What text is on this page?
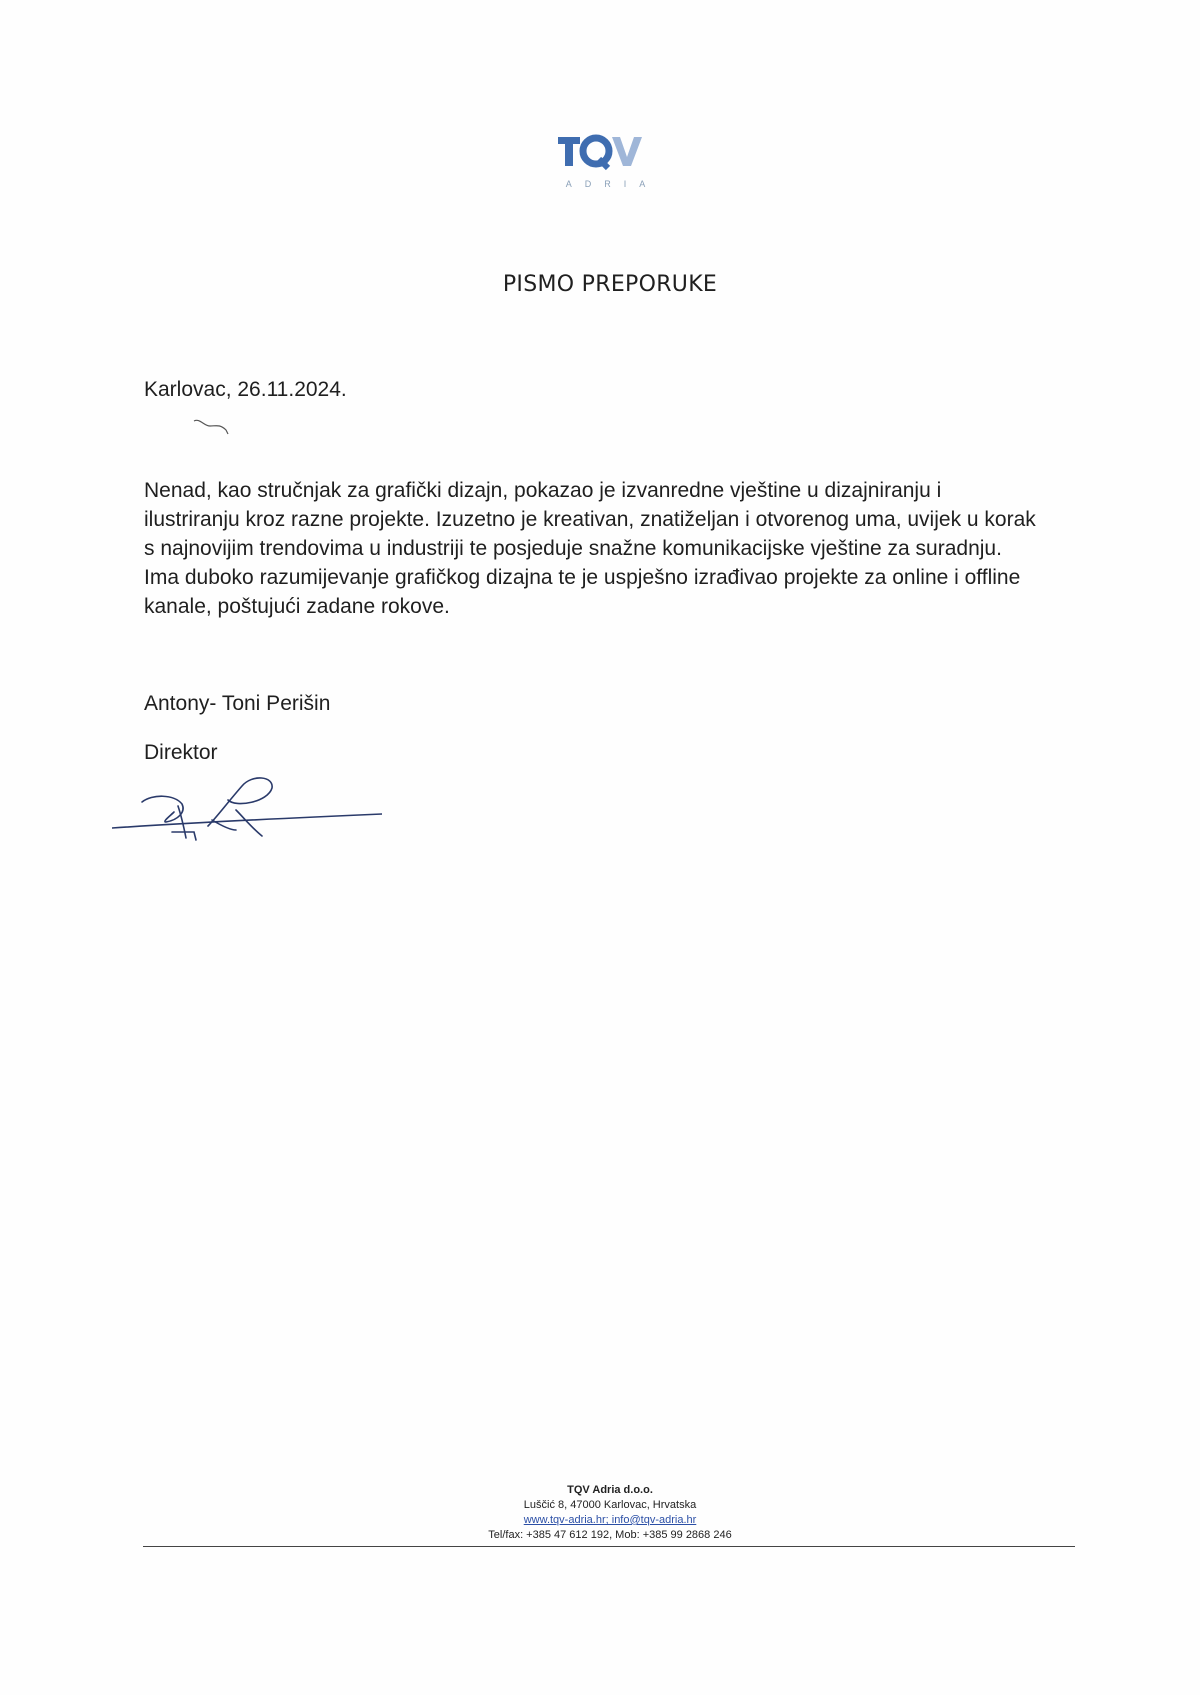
ADRIA
PISMO PREPORUKE
Karlovac, 26.11.2024.
Nenad, kao stručnjak za grafički dizajn, pokazao je izvanredne vještine u dizajniranju i
ilustriranju kroz razne projekte. Izuzetno je kreativan, znatiželjan i otvorenog uma, uvijek u korak
s najnovijim trendovima u industriji te posjeduje snažne komunikacijske vještine za suradnju.
Ima duboko razumijevanje grafičkog dizajna te je uspješno izrađivao projekte za online i offline
kanale, poštujući zadane rokove.
Antony- Toni Perišin
Direktor
TQV Adria d.o.o.
Luščić 8, 47000 Karlovac, Hrvatska
www.tqv-adria.hr; info@tqv-adria.hr
Tel/fax: +385 47 612 192, Mob: +385 99 2868 246
